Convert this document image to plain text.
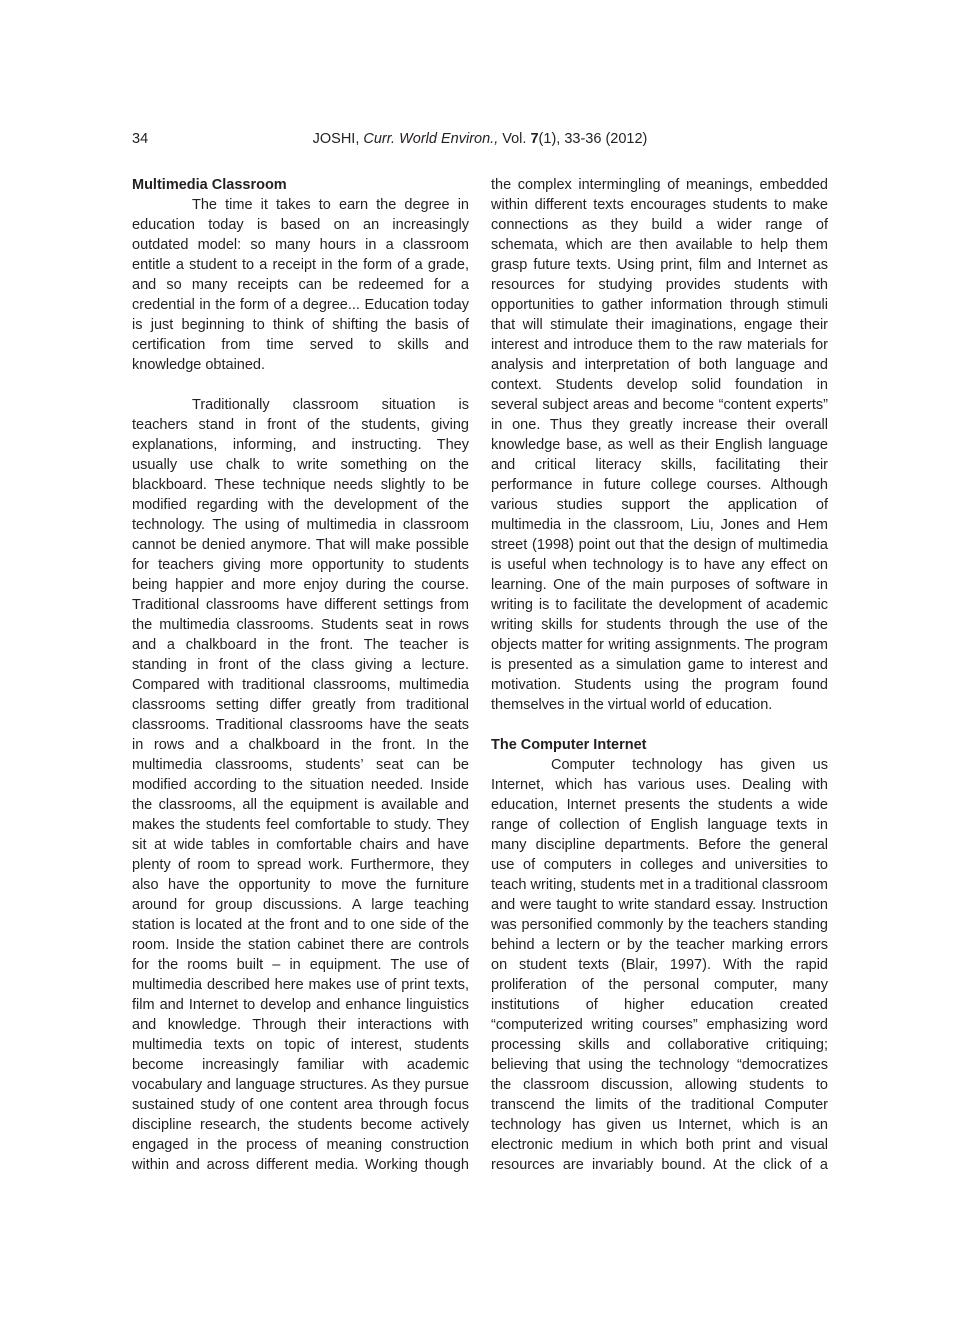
34	JOSHI, Curr. World Environ., Vol. 7(1), 33-36 (2012)
Multimedia Classroom
The time it takes to earn the degree in
education today is based on an increasingly
outdated model: so many hours in a classroom
entitle a student to a receipt in the form of a grade,
and so many receipts can be redeemed for a
credential in the form of a degree... Education today
is just beginning to think of shifting the basis of
certification from time served to skills and
knowledge obtained.
Traditionally classroom situation is
teachers stand in front of the students, giving
explanations, informing, and instructing. They
usually use chalk to write something on the
blackboard. These technique needs slightly to be
modified regarding with the development of the
technology. The using of multimedia in classroom
cannot be denied anymore. That will make possible
for teachers giving more opportunity to students
being happier and more enjoy during the course.
Traditional classrooms have different settings from
the multimedia classrooms. Students seat in rows
and a chalkboard in the front. The teacher is
standing in front of the class giving a lecture.
Compared with traditional classrooms, multimedia
classrooms setting differ greatly from traditional
classrooms. Traditional classrooms have the seats
in rows and a chalkboard in the front. In the
multimedia classrooms, students’ seat can be
modified according to the situation needed. Inside
the classrooms, all the equipment is available and
makes the students feel comfortable to study. They
sit at wide tables in comfortable chairs and have
plenty of room to spread work. Furthermore, they
also have the opportunity to move the furniture
around for group discussions. A large teaching
station is located at the front and to one side of the
room. Inside the station cabinet there are controls
for the rooms built – in equipment. The use of
multimedia described here makes use of print texts,
film and Internet to develop and enhance linguistics
and knowledge. Through their interactions with
multimedia texts on topic of interest, students
become increasingly familiar with academic
vocabulary and language structures. As they pursue
sustained study of one content area through focus
discipline research, the students become actively
engaged in the process of meaning construction
within and across different media. Working though
the complex intermingling of meanings, embedded
within different texts encourages students to make
connections as they build a wider range of
schemata, which are then available to help them
grasp future texts. Using print, film and Internet as
resources for studying provides students with
opportunities to gather information through stimuli
that will stimulate their imaginations, engage their
interest and introduce them to the raw materials for
analysis and interpretation of both language and
context. Students develop solid foundation in
several subject areas and become “content experts”
in one. Thus they greatly increase their overall
knowledge base, as well as their English language
and critical literacy skills, facilitating their
performance in future college courses. Although
various studies support the application of
multimedia in the classroom, Liu, Jones and Hem
street (1998) point out that the design of multimedia
is useful when technology is to have any effect on
learning. One of the main purposes of software in
writing is to facilitate the development of academic
writing skills for students through the use of the
objects matter for writing assignments. The program
is presented as a simulation game to interest and
motivation. Students using the program found
themselves in the virtual world of education.
The Computer Internet
Computer technology has given us
Internet, which has various uses. Dealing with
education, Internet presents the students a wide
range of collection of English language texts in
many discipline departments. Before the general
use of computers in colleges and universities to
teach writing, students met in a traditional classroom
and were taught to write standard essay. Instruction
was personified commonly by the teachers standing
behind a lectern or by the teacher marking errors
on student texts (Blair, 1997). With the rapid
proliferation of the personal computer, many
institutions of higher education created
“computerized writing courses” emphasizing word
processing skills and collaborative critiquing;
believing that using the technology “democratizes
the classroom discussion, allowing students to
transcend the limits of the traditional Computer
technology has given us Internet, which is an
electronic medium in which both print and visual
resources are invariably bound. At the click of a
